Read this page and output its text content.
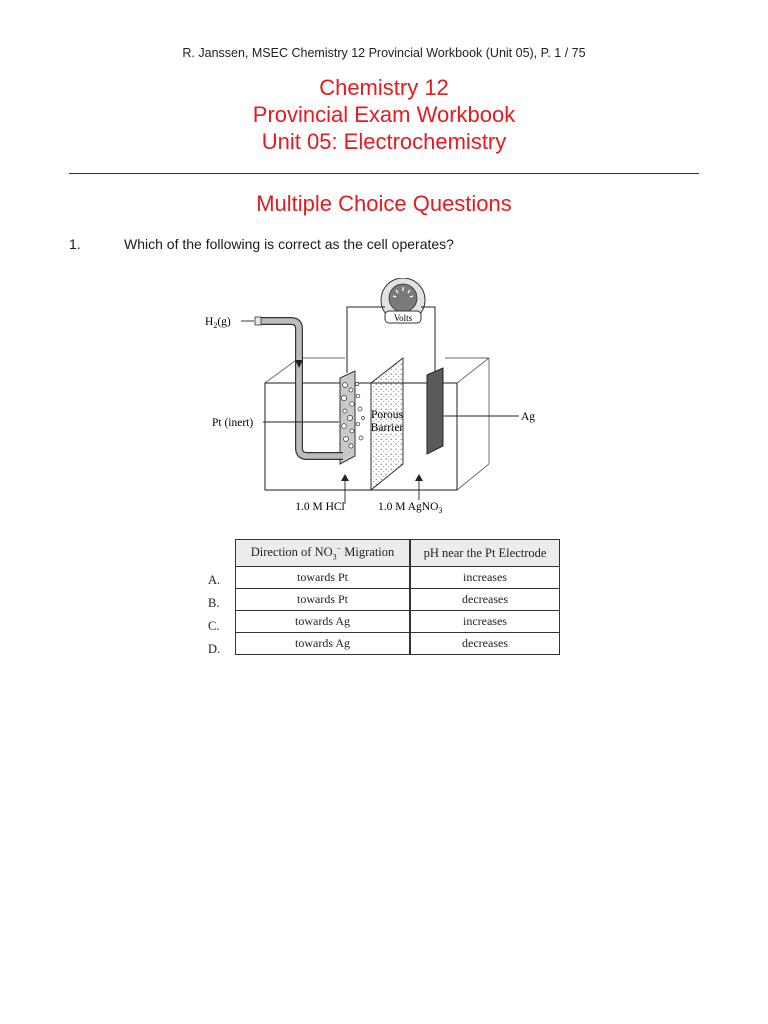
R. Janssen, MSEC Chemistry 12 Provincial Workbook (Unit 05), P. 1 / 75
Chemistry 12
Provincial Exam Workbook
Unit 05: Electrochemistry
Multiple Choice Questions
1.	Which of the following is correct as the cell operates?
Volts
Porous
Barrier
$H_2(g)$
Pt (inert)	Ag
1.0 M HCl	1.0 M AgNO$_3$
Direction of $NO_3^-$ Migration	pH near the Pt Electrode
towards Pt	increases
towards Pt	decreases
towards Ag	increases
towards Ag	decreases
A.
B.
C.
D.
